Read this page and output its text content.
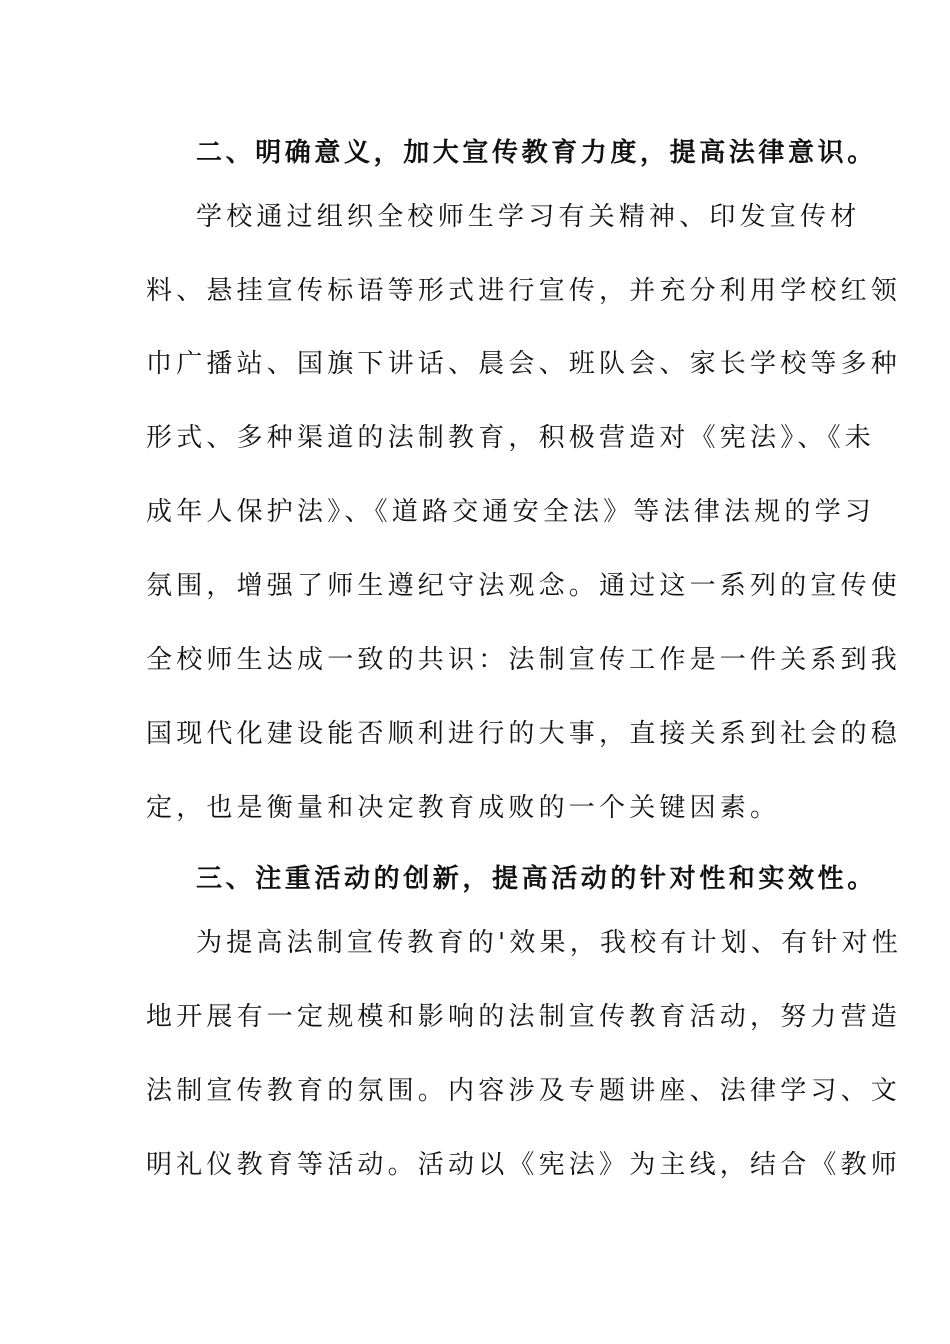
二、明确意义，加大宣传教育力度，提高法律意识。

学校通过组织全校师生学习有关精神、印发宣传材

料、悬挂宣传标语等形式进行宣传，并充分利用学校红领

巾广播站、国旗下讲话、晨会、班队会、家长学校等多种

形式、多种渠道的法制教育，积极营造对《宪法》、《未

成年人保护法》、《道路交通安全法》等法律法规的学习

氛围，增强了师生遵纪守法观念。通过这一系列的宣传使

全校师生达成一致的共识：法制宣传工作是一件关系到我

国现代化建设能否顺利进行的大事，直接关系到社会的稳

定，也是衡量和决定教育成败的一个关键因素。

三、注重活动的创新，提高活动的针对性和实效性。

为提高法制宣传教育的'效果，我校有计划、有针对性

地开展有一定规模和影响的法制宣传教育活动，努力营造

法制宣传教育的氛围。内容涉及专题讲座、法律学习、文

明礼仪教育等活动。活动以《宪法》为主线，结合《教师
